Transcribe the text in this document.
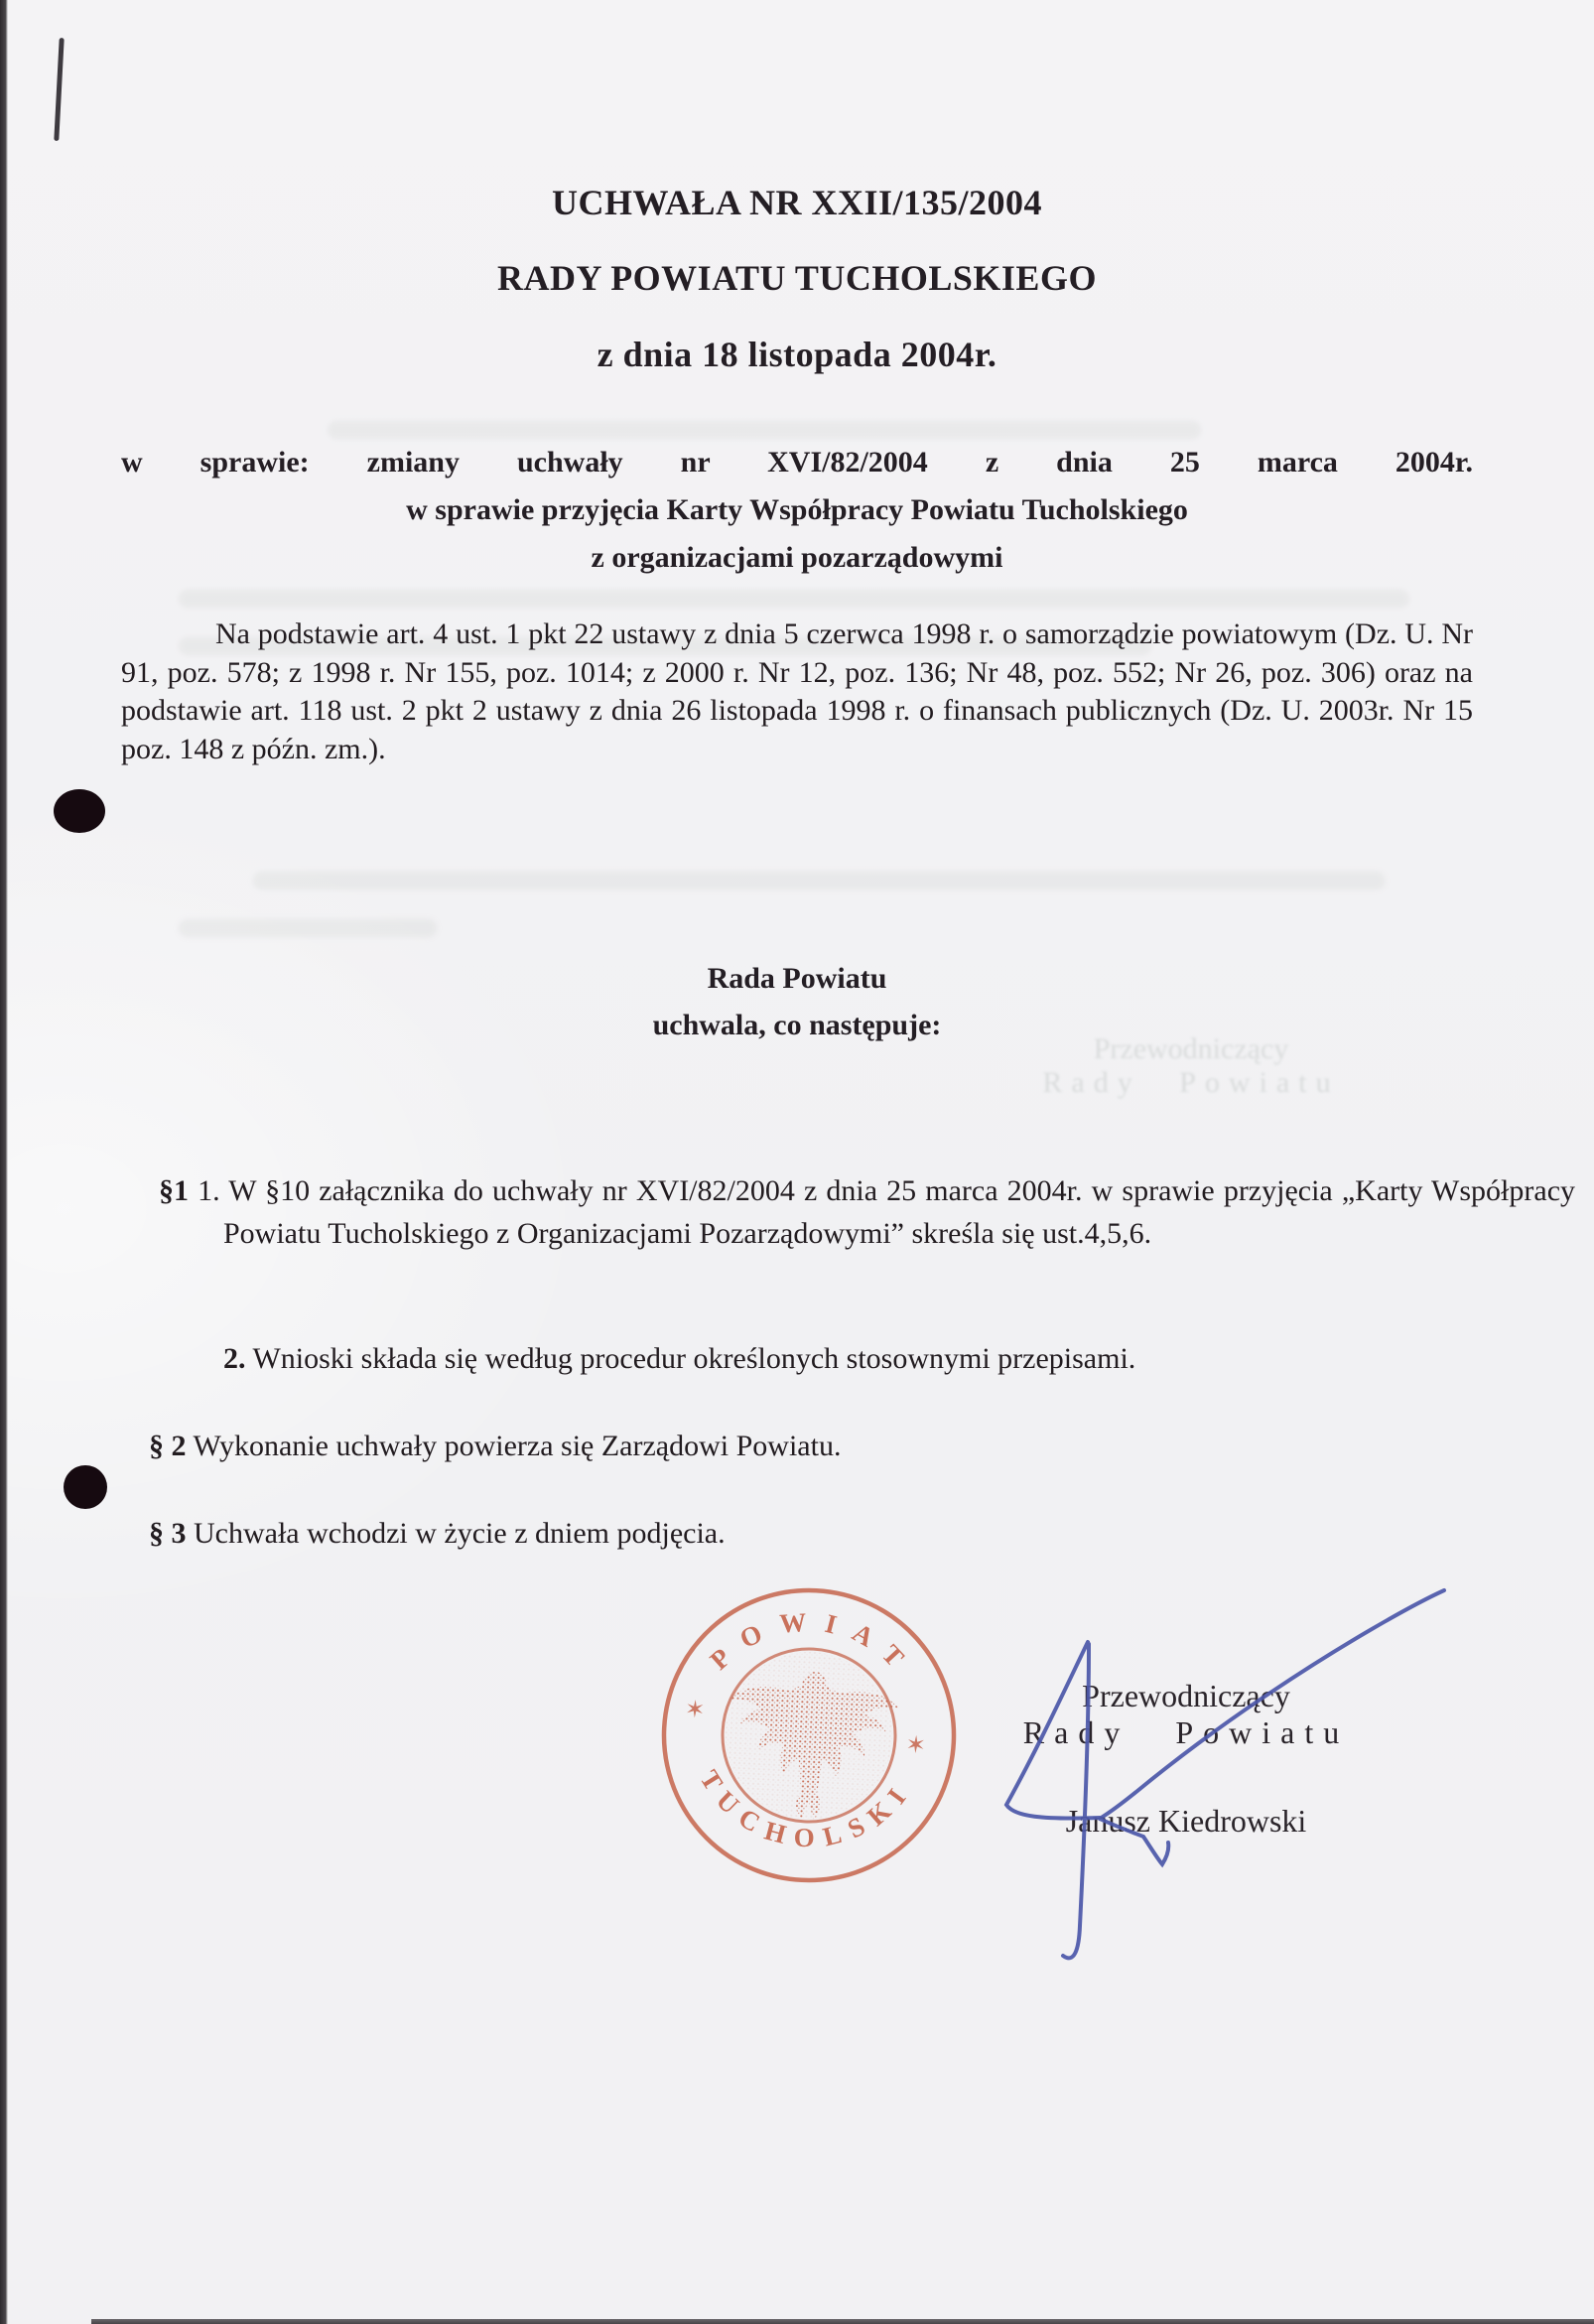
Przewodniczący
Rady Powiatu
UCHWAŁA NR XXII/135/2004
RADY POWIATU TUCHOLSKIEGO
z dnia 18 listopada 2004r.
w sprawie: zmiany uchwały nr XVI/82/2004 z dnia 25 marca 2004r.
w sprawie przyjęcia Karty Współpracy Powiatu Tucholskiego
z organizacjami pozarządowymi
Na podstawie art. 4 ust. 1 pkt 22 ustawy z dnia 5 czerwca 1998 r. o samorządzie powiatowym (Dz. U. Nr 91, poz. 578; z 1998 r. Nr 155, poz. 1014; z 2000 r. Nr 12, poz. 136; Nr 48, poz. 552; Nr 26, poz. 306) oraz na podstawie art. 118 ust. 2 pkt 2 ustawy z dnia 26 listopada 1998 r. o finansach publicznych (Dz. U. 2003r. Nr 15 poz. 148 z późn. zm.).
Rada Powiatu
uchwala, co następuje:
§1 1. W §10 załącznika do uchwały nr XVI/82/2004 z dnia 25 marca 2004r. w sprawie przyjęcia „Karty Współpracy Powiatu Tucholskiego z Organizacjami Pozarządowymi” skreśla się ust.4,5,6.
2. Wnioski składa się według procedur określonych stosownymi przepisami.
§ 2 Wykonanie uchwały powierza się Zarządowi Powiatu.
§ 3 Uchwała wchodzi w życie z dniem podjęcia.
POWIAT
TUCHOLSKI
✶
✶
Przewodniczący
Rady Powiatu
Janusz Kiedrowski
